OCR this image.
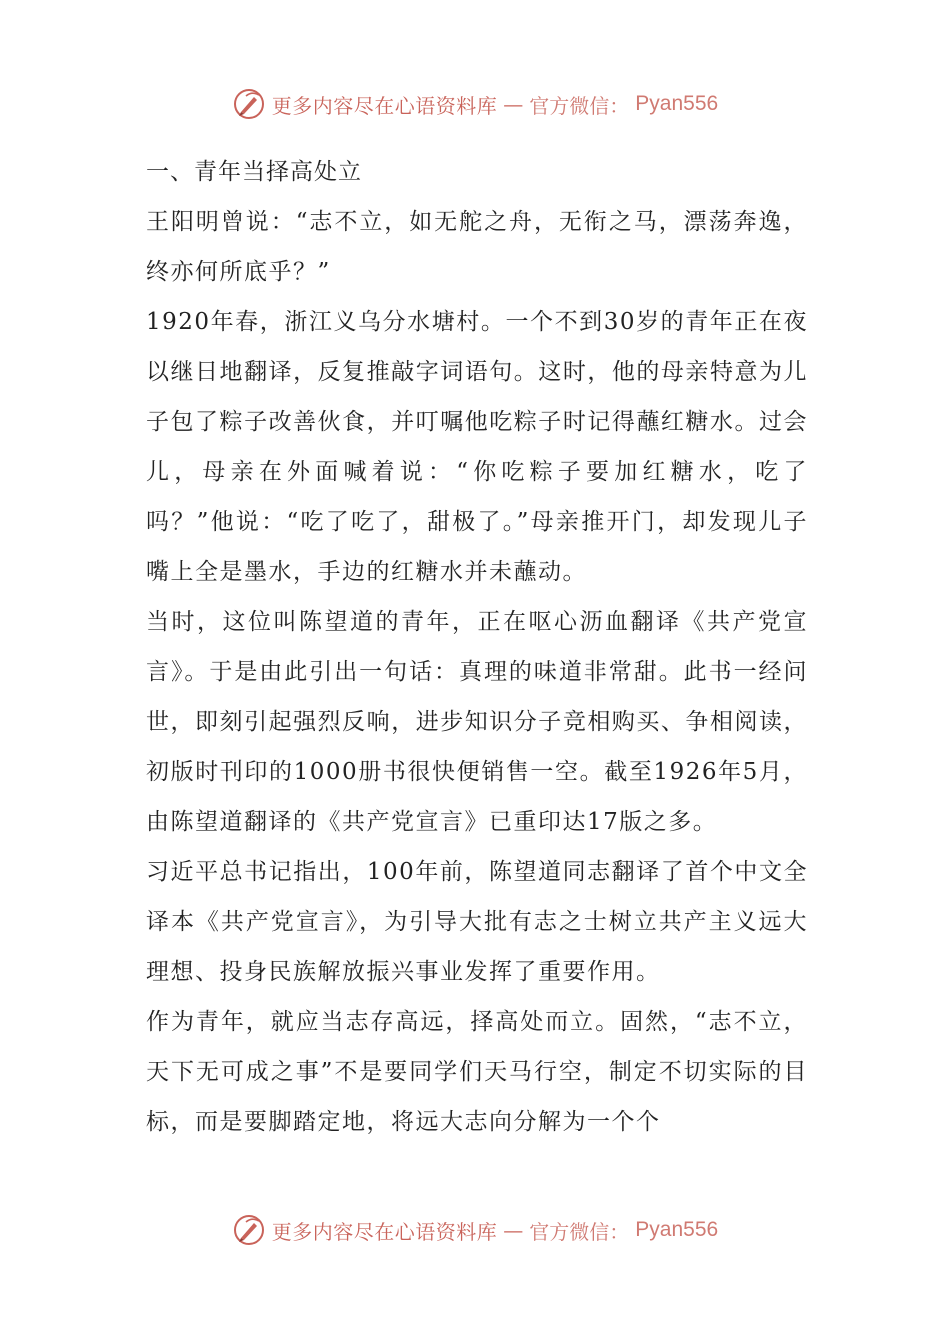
更多内容尽在心语资料库 — 官方微信： Pyan556
一、青年当择高处立

王阳明曾说：“志不立，如无舵之舟，无衔之马，漂荡奔逸，终亦何所底乎？”

1920年春，浙江义乌分水塘村。一个不到30岁的青年正在夜以继日地翻译，反复推敲字词语句。这时，他的母亲特意为儿子包了粽子改善伙食，并叮嘱他吃粽子时记得蘸红糖水。过会儿，母亲在外面喊着说：“你吃粽子要加红糖水，吃了吗？”他说：“吃了吃了，甜极了。”母亲推开门，却发现儿子嘴上全是墨水，手边的红糖水并未蘸动。

当时，这位叫陈望道的青年，正在呕心沥血翻译《共产党宣言》。于是由此引出一句话：真理的味道非常甜。此书一经问世，即刻引起强烈反响，进步知识分子竞相购买、争相阅读，初版时刊印的1000册书很快便销售一空。截至1926年5月，由陈望道翻译的《共产党宣言》已重印达17版之多。

习近平总书记指出，100年前，陈望道同志翻译了首个中文全译本《共产党宣言》，为引导大批有志之士树立共产主义远大理想、投身民族解放振兴事业发挥了重要作用。

作为青年，就应当志存高远，择高处而立。固然，“志不立，天下无可成之事”不是要同学们天马行空，制定不切实际的目标，而是要脚踏定地，将远大志向分解为一个个

更多内容尽在心语资料库 — 官方微信： Pyan556
